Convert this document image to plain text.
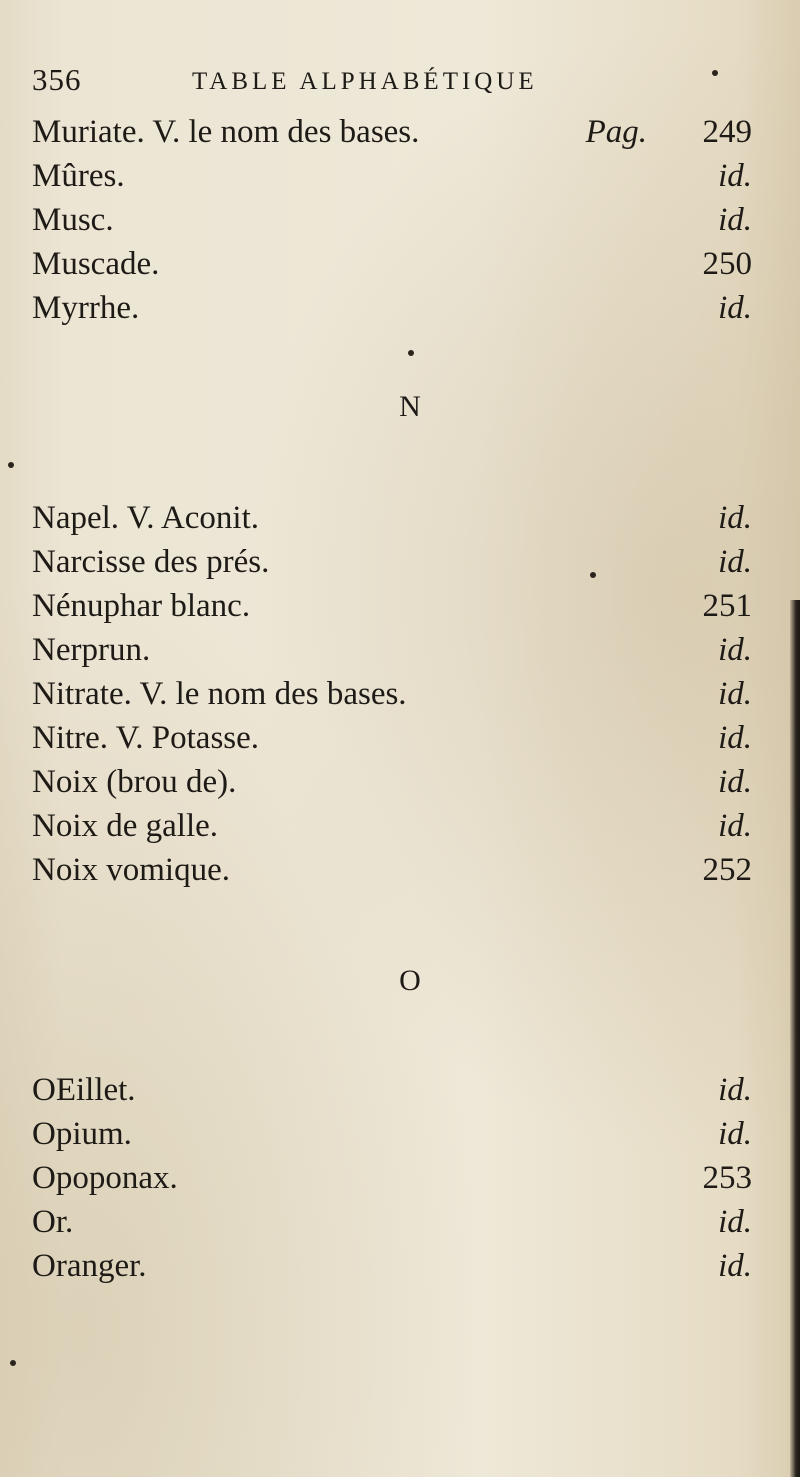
356	TABLE ALPHABÉTIQUE
Muriate. V. le nom des bases.	Pag. 249
Mûres.	id.
Musc.	id.
Muscade.	250
Myrrhe.	id.
N
Napel. V. Aconit.	id.
Narcisse des prés.	id.
Nénuphar blanc.	251
Nerprun.	id.
Nitrate. V. le nom des bases.	id.
Nitre. V. Potasse.	id.
Noix (brou de).	id.
Noix de galle.	id.
Noix vomique.	252
O
OEillet.	id.
Opium.	id.
Opoponax.	253
Or.	id.
Oranger.	id.
